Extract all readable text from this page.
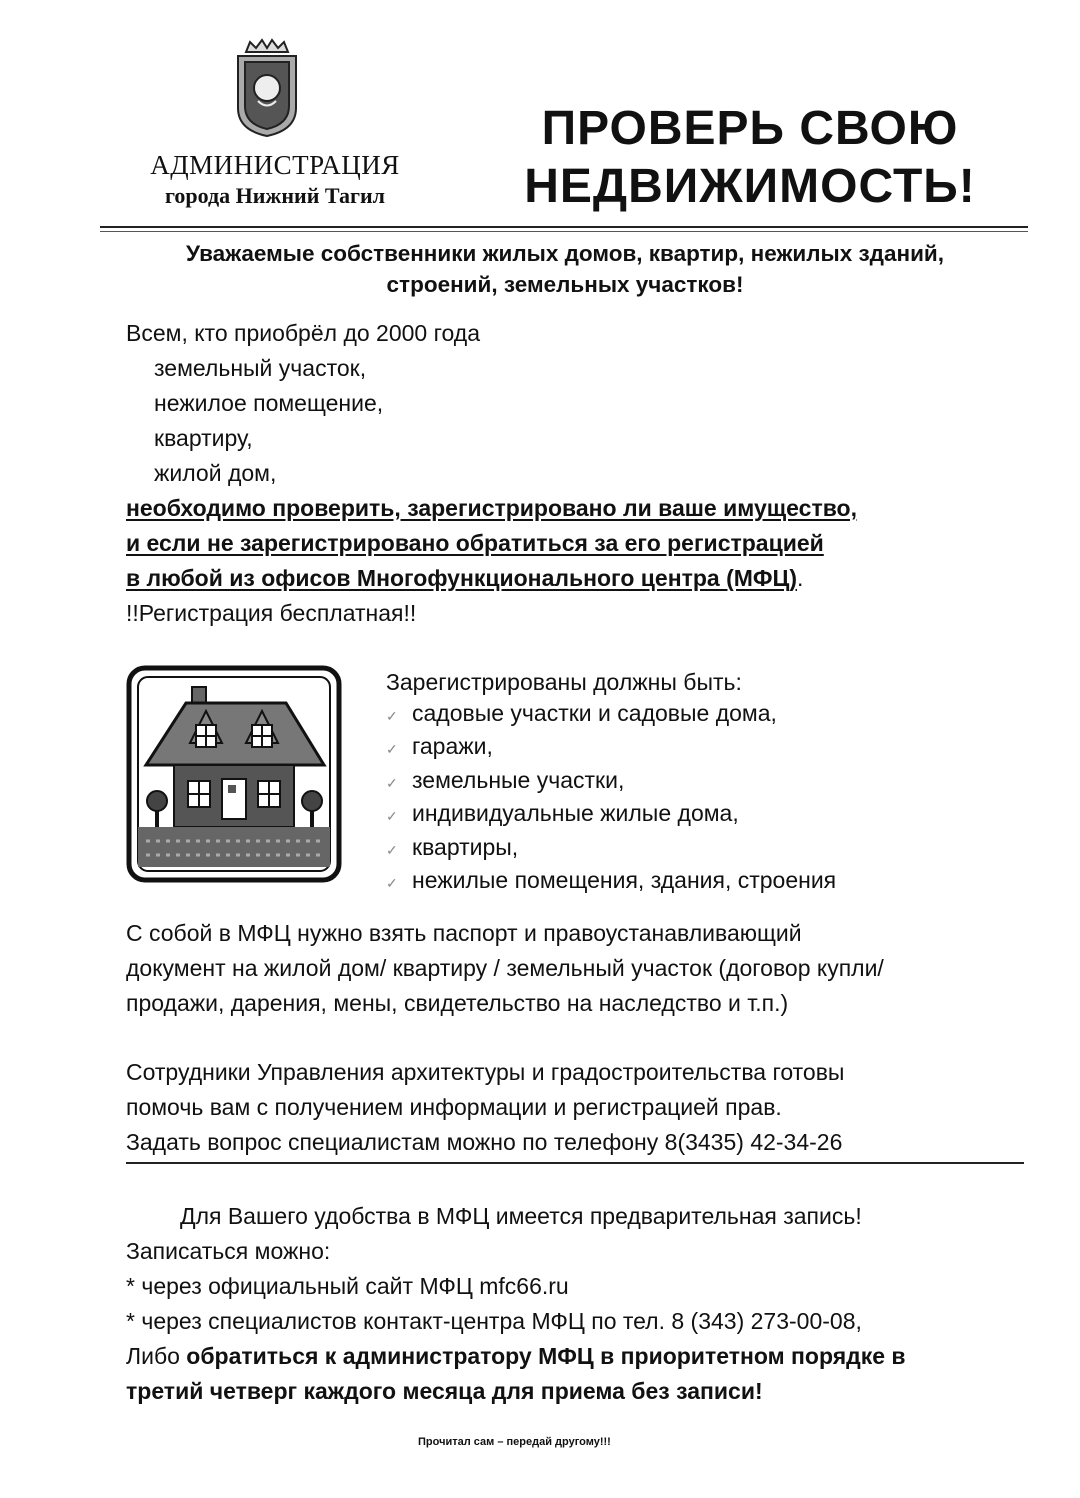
АДМИНИСТРАЦИЯ
города Нижний Тагил
ПРОВЕРЬ СВОЮ
НЕДВИЖИМОСТЬ!
Уважаемые собственники жилых домов, квартир, нежилых зданий,
строений, земельных участков!
Всем, кто приобрёл до 2000 года
земельный участок,
нежилое помещение,
квартиру,
жилой дом,
необходимо проверить, зарегистрировано ли ваше имущество,
и если не зарегистрировано обратиться за его регистрацией
в любой из офисов Многофункционального центра (МФЦ).
!!Регистрация бесплатная!!
Зарегистрированы должны быть:
✓ садовые участки и садовые дома,
✓ гаражи,
✓ земельные участки,
✓ индивидуальные жилые дома,
✓ квартиры,
✓ нежилые помещения, здания, строения
С собой в МФЦ нужно взять паспорт и правоустанавливающий
документ на жилой дом/ квартиру / земельный участок (договор купли/
продажи, дарения, мены, свидетельство на наследство и т.п.)
Сотрудники Управления архитектуры и градостроительства готовы
помочь вам с получением информации и регистрацией прав.
Задать вопрос специалистам можно по телефону 8(3435) 42-34-26
Для Вашего удобства в МФЦ имеется предварительная запись!
Записаться можно:
* через официальный сайт МФЦ mfc66.ru
* через специалистов контакт-центра МФЦ по тел. 8 (343) 273-00-08,
Либо обратиться к администратору МФЦ в приоритетном порядке в
третий четверг каждого месяца для приема без записи!
Прочитал сам – передай другому!!!
